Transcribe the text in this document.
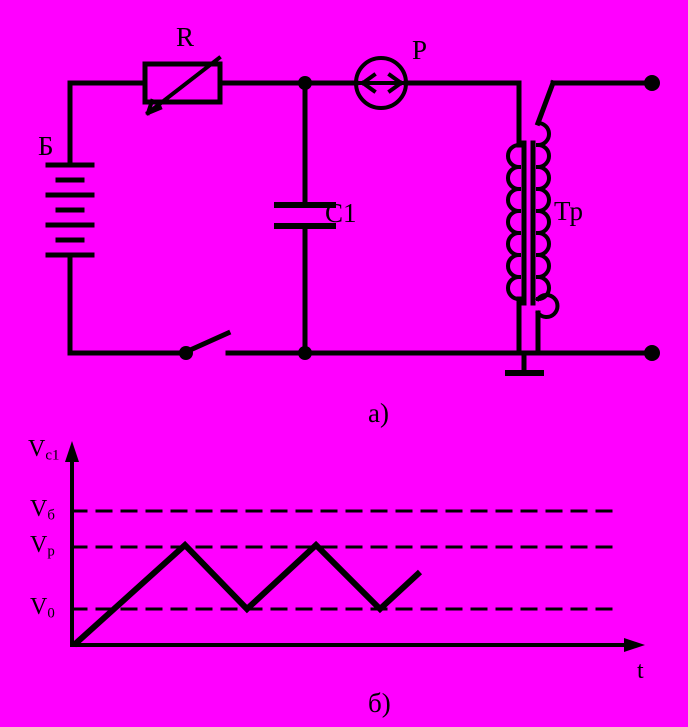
R
Б
C1
P
Тр
а)
б)
$V_{c1}$
t
$V_б$
$V_р$
$V_0$
